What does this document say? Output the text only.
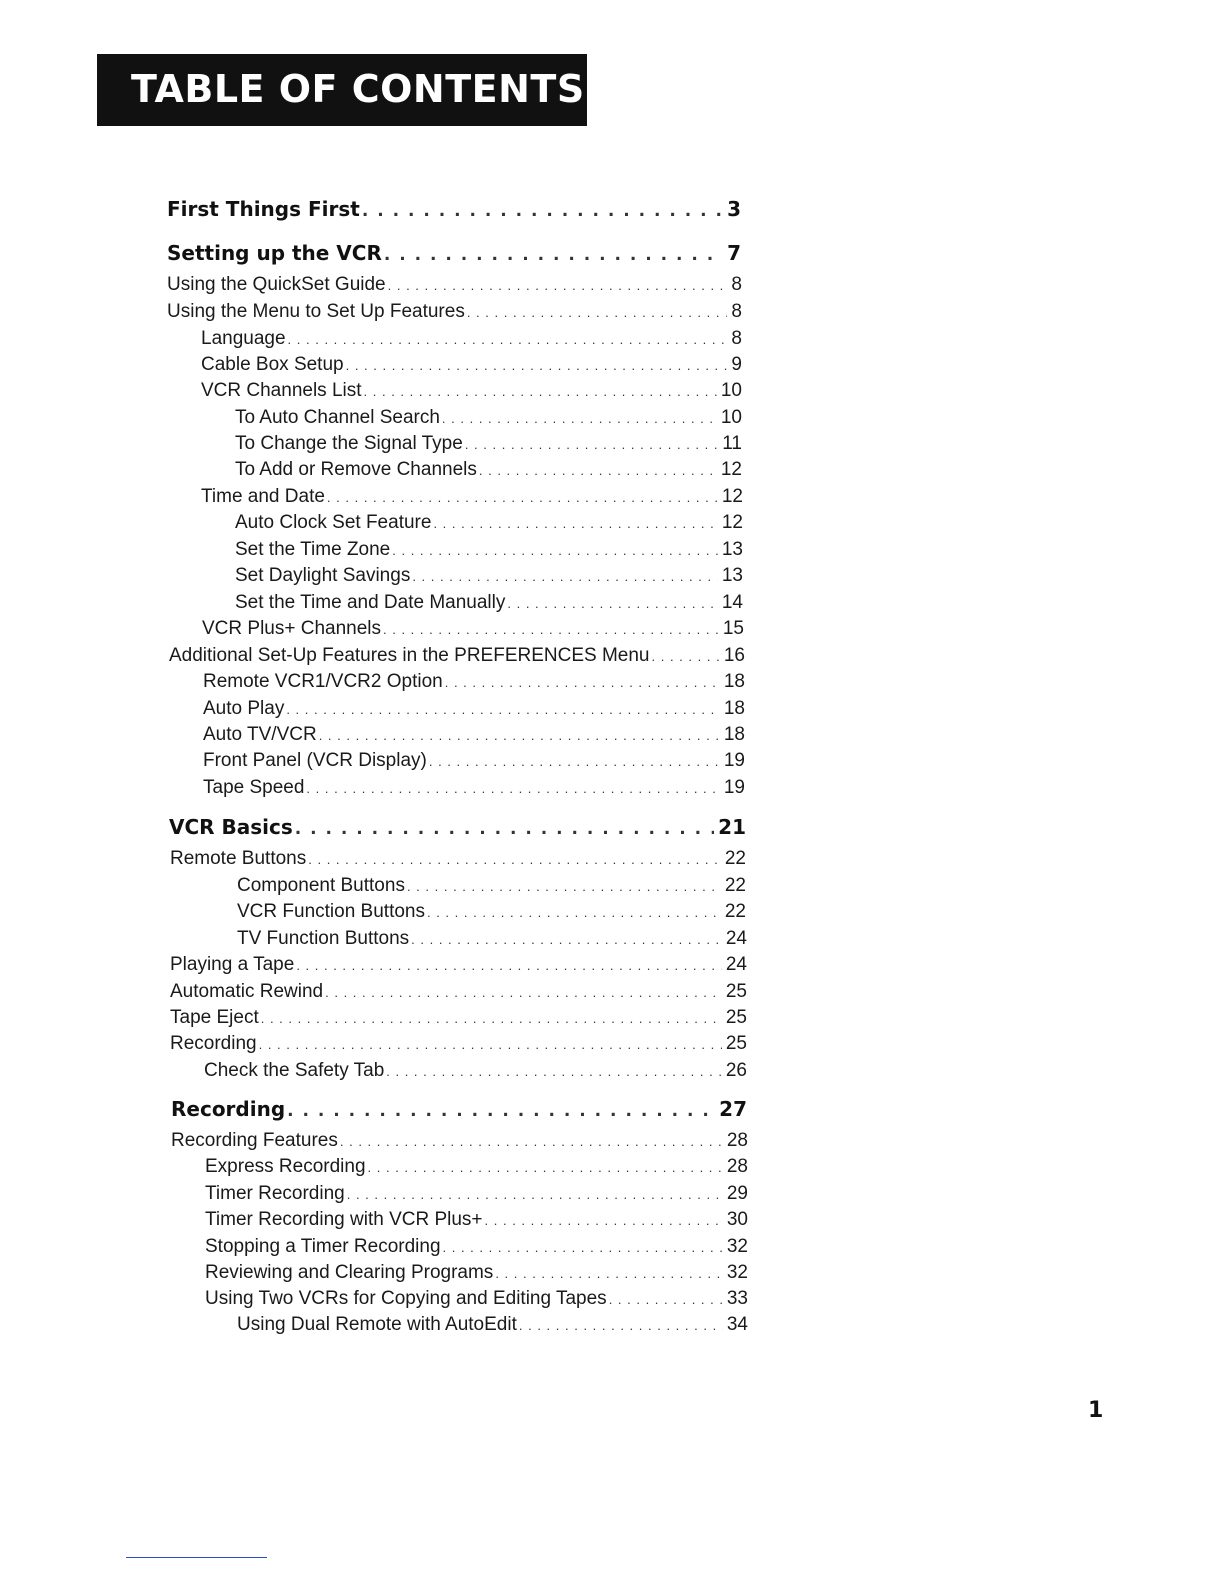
TABLE OF CONTENTS
First Things First . . .	3
Setting up the VCR . . .	7
Using the QuickSet Guide . . .	8
Using the Menu to Set Up Features . . .	8
Language . . .	8
Cable Box Setup . . .	9
VCR Channels List . . .	10
To Auto Channel Search . . .	10
To Change the Signal Type . . .	11
To Add or Remove Channels . . .	12
Time and Date . . .	12
Auto Clock Set Feature . . .	12
Set the Time Zone . . .	13
Set Daylight Savings . . .	13
Set the Time and Date Manually . . .	14
VCR Plus+ Channels . . .	15
Additional Set-Up Features in the PREFERENCES Menu . . .	16
Remote VCR1/VCR2 Option . . .	18
Auto Play . . .	18
Auto TV/VCR . . .	18
Front Panel (VCR Display) . . .	19
Tape Speed . . .	19
VCR Basics . . .	21
Remote Buttons . . .	22
Component Buttons . . .	22
VCR Function Buttons . . .	22
TV Function Buttons . . .	24
Playing a Tape . . .	24
Automatic Rewind . . .	25
Tape Eject . . .	25
Recording . . .	25
Check the Safety Tab . . .	26
Recording . . .	27
Recording Features . . .	28
Express Recording . . .	28
Timer Recording . . .	29
Timer Recording with VCR Plus+ . . .	30
Stopping a Timer Recording . . .	32
Reviewing and Clearing Programs . . .	32
Using Two VCRs for Copying and Editing Tapes . . .	33
Using Dual Remote with AutoEdit . . .	34
1
